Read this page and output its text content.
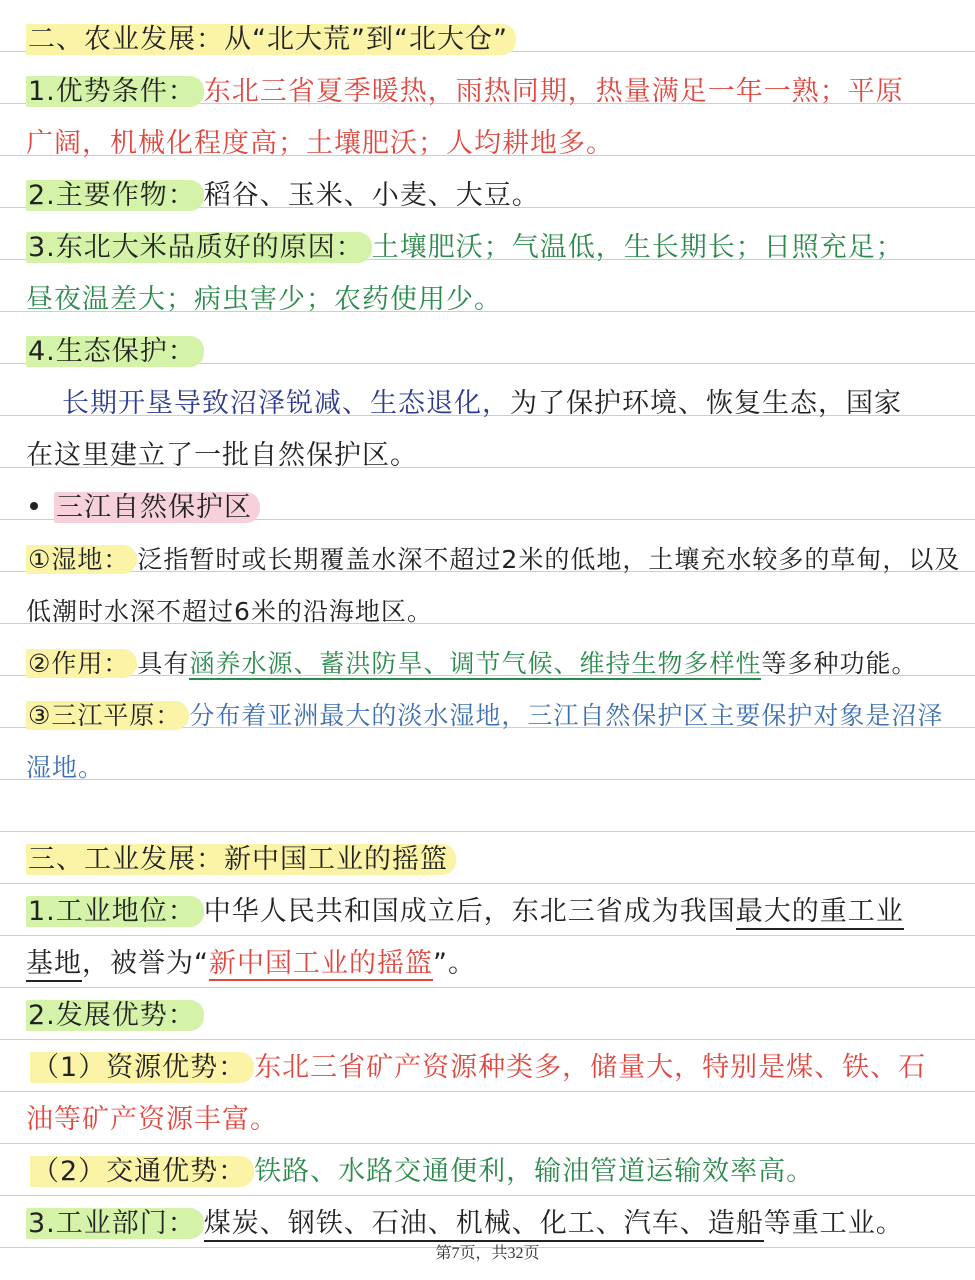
二、农业发展：从“北大荒”到“北大仓”
1.优势条件： 东北三省夏季暖热，雨热同期，热量满足一年一熟；平原
广阔，机械化程度高；土壤肥沃；人均耕地多。
2.主要作物： 稻谷、玉米、小麦、大豆。
3.东北大米品质好的原因： 土壤肥沃；气温低，生长期长；日照充足；
昼夜温差大；病虫害少；农药使用少。
4.生态保护：
长期开垦导致沼泽锐减、生态退化，为了保护环境、恢复生态，国家
在这里建立了一批自然保护区。
三江自然保护区
①湿地： 泛指暂时或长期覆盖水深不超过2米的低地，土壤充水较多的草甸，以及
低潮时水深不超过6米的沿海地区。
②作用： 具有涵养水源、蓄洪防旱、调节气候、维持生物多样性等多种功能。
③三江平原： 分布着亚洲最大的淡水湿地，三江自然保护区主要保护对象是沼泽
湿地。
三、工业发展：新中国工业的摇篮
1.工业地位： 中华人民共和国成立后，东北三省成为我国最大的重工业
基地，被誉为“新中国工业的摇篮”。
2.发展优势：
（1）资源优势： 东北三省矿产资源种类多，储量大，特别是煤、铁、石
油等矿产资源丰富。
（2）交通优势： 铁路、水路交通便利，输油管道运输效率高。
3.工业部门： 煤炭、钢铁、石油、机械、化工、汽车、造船等重工业。
第7页，共32页
